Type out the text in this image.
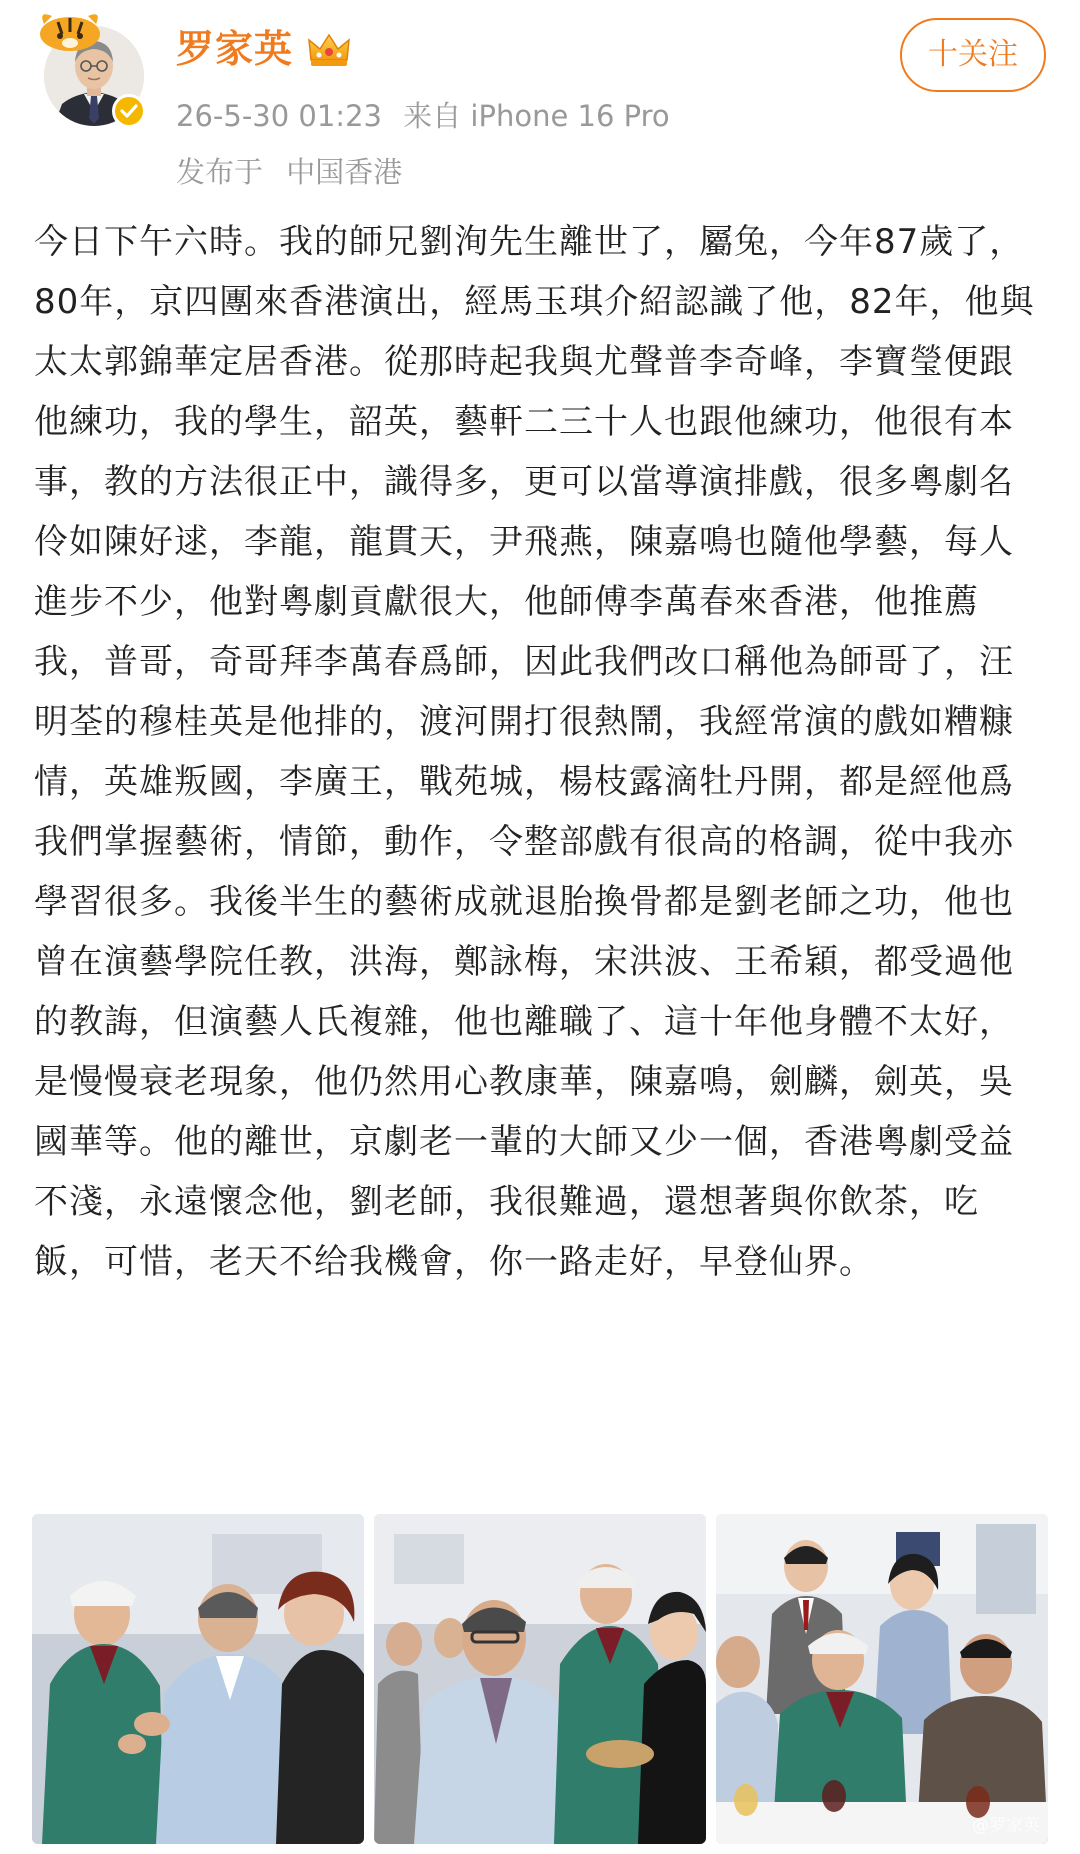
罗家英
26-5-30 01:23 来自 iPhone 16 Pro
发布于 中国香港
十关注

今日下午六時。我的師兄劉洵先生離世了，屬兔，今年87歲了，80年，京四團來香港演出，經馬玉琪介紹認識了他，82年，他與太太郭錦華定居香港。從那時起我與尤聲普李奇峰，李寶瑩便跟他練功，我的學生，韶英，藝軒二三十人也跟他練功，他很有本事，教的方法很正中，識得多，更可以當導演排戲，很多粵劇名伶如陳好逑，李龍，龍貫天，尹飛燕，陳嘉鳴也隨他學藝，每人進步不少，他對粵劇貢獻很大，他師傅李萬春來香港，他推薦我，普哥，奇哥拜李萬春爲師，因此我們改口稱他為師哥了，汪明荃的穆桂英是他排的，渡河開打很熱鬧，我經常演的戲如糟糠情，英雄叛國，李廣王，戰苑城，楊枝露滴牡丹開，都是經他爲我們掌握藝術，情節，動作，令整部戲有很高的格調，從中我亦學習很多。我後半生的藝術成就退胎換骨都是劉老師之功，他也曾在演藝學院任教，洪海，鄭詠梅，宋洪波、王希穎，都受過他的教誨，但演藝人氏複雜，他也離職了、這十年他身體不太好，是慢慢衰老現象，他仍然用心教康華，陳嘉鳴，劍麟，劍英，吳國華等。他的離世，京劇老一輩的大師又少一個，香港粵劇受益不淺，永遠懷念他，劉老師，我很難過，還想著與你飲茶，吃飯，可惜，老天不给我機會，你一路走好，早登仙界。

@罗家英
